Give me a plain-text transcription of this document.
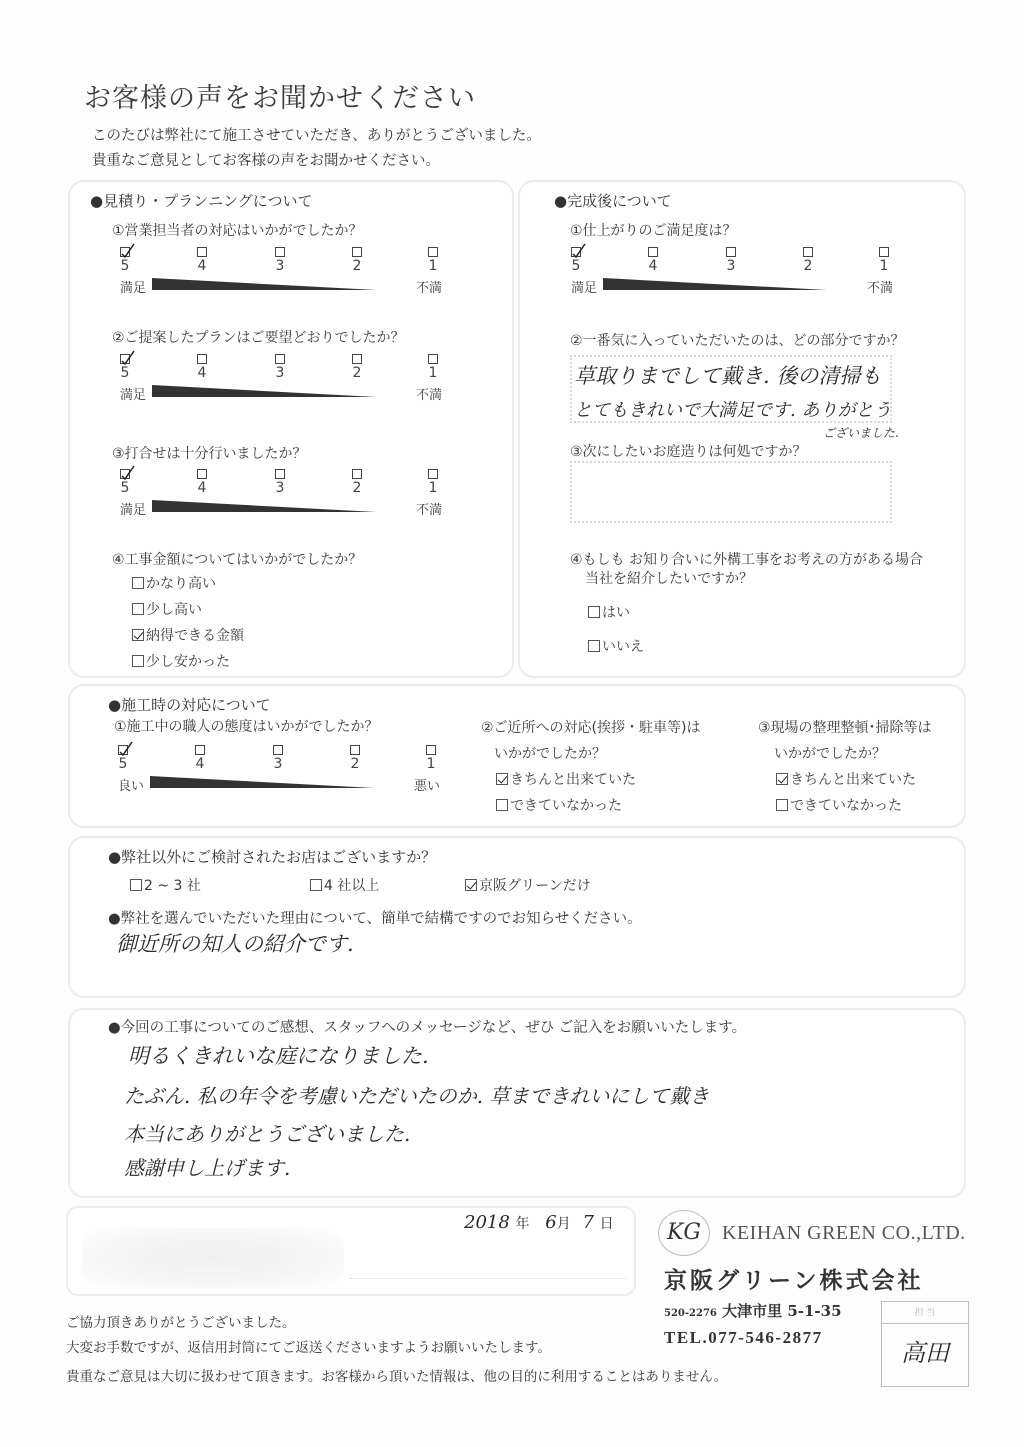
お客様の声をお聞かせください
このたびは弊社にて施工させていただき、ありがとうございました。
貴重なご意見としてお客様の声をお聞かせください。
●見積り・プランニングについて
①営業担当者の対応はいかがでしたか？
5	4	3	2	1
満足	不満
②ご提案したプランはご要望どおりでしたか？
5	4	3	2	1
満足	不満
③打合せは十分行いましたか？
5	4	3	2	1
満足	不満
④工事金額についてはいかがでしたか？
かなり高い
少し高い
納得できる金額
少し安かった
●完成後について
①仕上がりのご満足度は？
5	4	3	2	1
満足	不満
②一番気に入っていただいたのは、どの部分ですか？
草取りまでして戴き. 後の清掃も
とてもきれいで大満足です. ありがとう
ございました.
③次にしたいお庭造りは何処ですか？
④もしも お知り合いに外構工事をお考えの方がある場合
当社を紹介したいですか？
はい
いいえ
●施工時の対応について
①施工中の職人の態度はいかがでしたか？
5	4	3	2	1
良い	悪い
②ご近所への対応(挨拶・駐車等)は
いかがでしたか？
きちんと出来ていた
できていなかった
③現場の整理整頓･掃除等は
いかがでしたか？
きちんと出来ていた
できていなかった
●弊社以外にご検討されたお店はございますか？
2 ~ 3 社	4 社以上	京阪グリーンだけ
●弊社を選んでいただいた理由について、簡単で結構ですのでお知らせください。
御近所の知人の紹介です.
●今回の工事についてのご感想、スタッフへのメッセージなど、ぜひ ご記入をお願いいたします。
明るくきれいな庭になりました.
たぶん. 私の年令を考慮いただいたのか. 草まできれいにして戴き
本当にありがとうございました.
感謝申し上げます.
2018 年 6月 7 日	KG	KEIHAN GREEN CO.,LTD.
京阪グリーン株式会社
520-2276 大津市里 5-1-35
TEL.077-546-2877
担 当
高田
ご協力頂きありがとうございました。
大変お手数ですが、返信用封筒にてご返送くださいますようお願いいたします。
貴重なご意見は大切に扱わせて頂きます。お客様から頂いた情報は、他の目的に利用することはありません。
